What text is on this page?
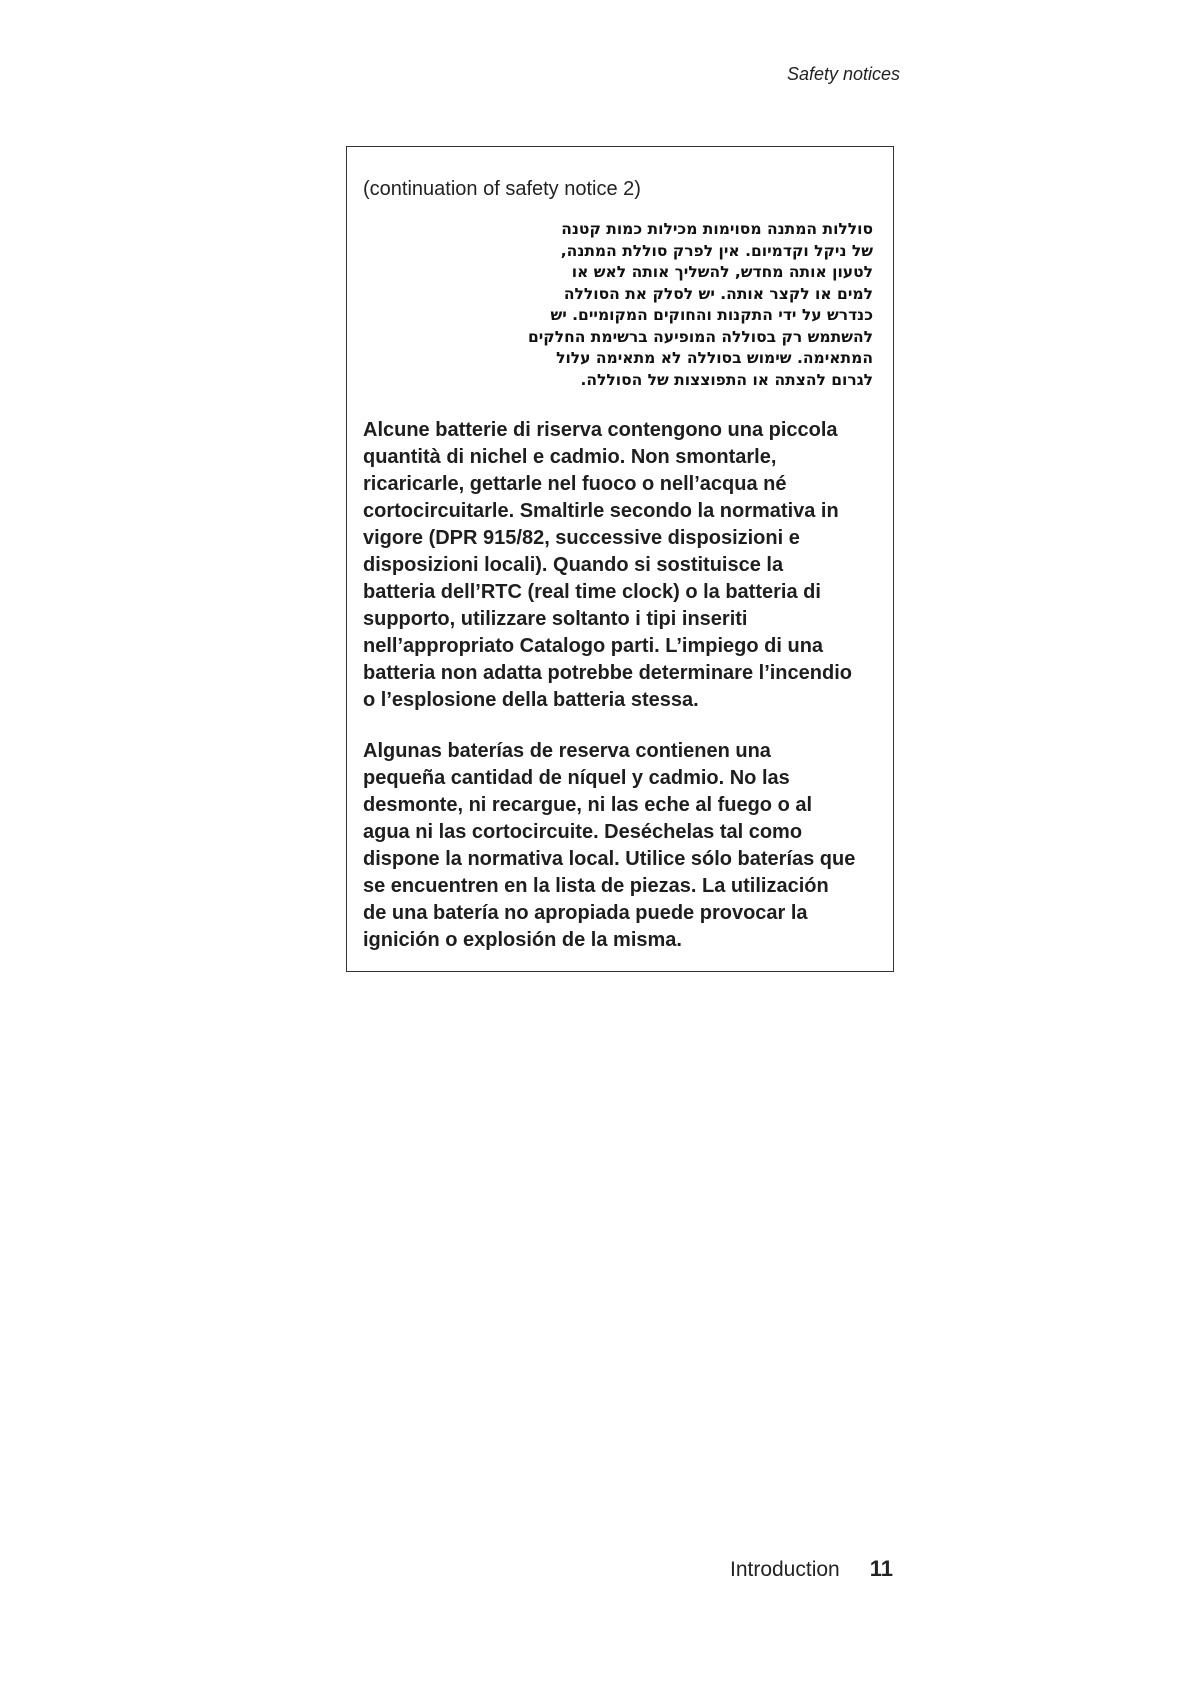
Safety notices

(continuation of safety notice 2)

סוללות המתנה מסוימות מכילות כמות קטנה
של ניקל וקדמיום. אין לפרק סוללת המתנה,
לטעון אותה מחדש, להשליך אותה לאש או
למים או לקצר אותה. יש לסלק את הסוללה
כנדרש על ידי התקנות והחוקים המקומיים. יש
להשתמש רק בסוללה המופיעה ברשימת החלקים
המתאימה. שימוש בסוללה לא מתאימה עלול
לגרום להצתה או התפוצצות של הסוללה.

Alcune batterie di riserva contengono una piccola
quantità di nichel e cadmio. Non smontarle,
ricaricarle, gettarle nel fuoco o nell’acqua né
cortocircuitarle. Smaltirle secondo la normativa in
vigore (DPR 915/82, successive disposizioni e
disposizioni locali). Quando si sostituisce la
batteria dell’RTC (real time clock) o la batteria di
supporto, utilizzare soltanto i tipi inseriti
nell’appropriato Catalogo parti. L’impiego di una
batteria non adatta potrebbe determinare l’incendio
o l’esplosione della batteria stessa.

Algunas baterías de reserva contienen una
pequeña cantidad de níquel y cadmio. No las
desmonte, ni recargue, ni las eche al fuego o al
agua ni las cortocircuite. Deséchelas tal como
dispone la normativa local. Utilice sólo baterías que
se encuentren en la lista de piezas. La utilización
de una batería no apropiada puede provocar la
ignición o explosión de la misma.

Introduction 11
